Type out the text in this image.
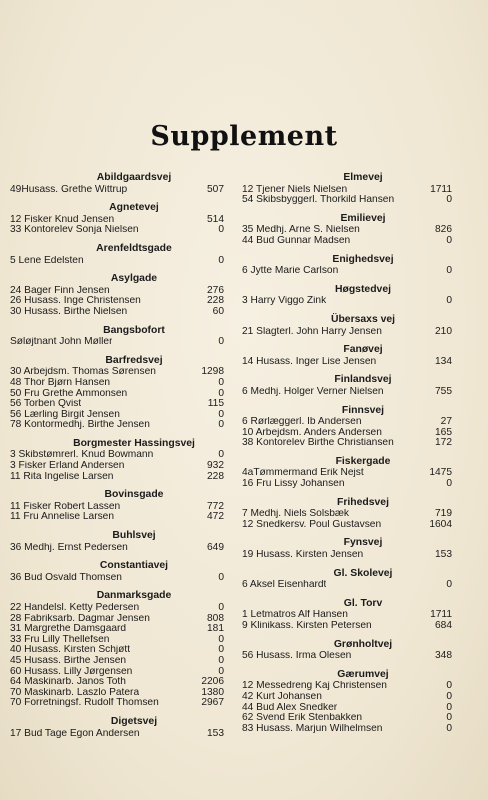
Supplement
Abildgaardsvej
49Husass. Grethe Wittrup	507
Agnetevej
12 Fisker Knud Jensen	514
33 Kontorelev Sonja Nielsen	0
Arenfeldtsgade
5 Lene Edelsten	0
Asylgade
24 Bager Finn Jensen	276
26 Husass. Inge Christensen	228
30 Husass. Birthe Nielsen	60
Bangsbofort
Søløjtnant John Møller	0
Barfredsvej
30 Arbejdsm. Thomas Sørensen	1298
48 Thor Bjørn Hansen	0
50 Fru Grethe Ammonsen	0
56 Torben Qvist	115
56 Lærling Birgit Jensen	0
78 Kontormedhj. Birthe Jensen	0
Borgmester Hassingsvej
3 Skibstømrerl. Knud Bowmann	0
3 Fisker Erland Andersen	932
11 Rita Ingelise Larsen	228
Bovinsgade
11 Fisker Robert Lassen	772
11 Fru Annelise Larsen	472
Buhlsvej
36 Medhj. Ernst Pedersen	649
Constantiavej
36 Bud Osvald Thomsen	0
Danmarksgade
22 Handelsl. Ketty Pedersen	0
28 Fabriksarb. Dagmar Jensen	808
31 Margrethe Damsgaard	181
33 Fru Lilly Thellefsen	0
40 Husass. Kirsten Schjøtt	0
45 Husass. Birthe Jensen	0
60 Husass. Lilly Jørgensen	0
64 Maskinarb. Janos Toth	2206
70 Maskinarb. Laszlo Patera	1380
70 Forretningsf. Rudolf Thomsen	2967
Digetsvej
17 Bud Tage Egon Andersen	153
Elmevej
12 Tjener Niels Nielsen	1711
54 Skibsbyggerl. Thorkild Hansen	0
Emilievej
35 Medhj. Arne S. Nielsen	826
44 Bud Gunnar Madsen	0
Enighedsvej
6 Jytte Marie Carlson	0
Høgstedvej
3 Harry Viggo Zink	0
Übersaxs vej
21 Slagterl. John Harry Jensen	210
Fanøvej
14 Husass. Inger Lise Jensen	134
Finlandsvej
6 Medhj. Holger Verner Nielsen	755
Finnsvej
6 Rørlæggerl. Ib Andersen	27
10 Arbejdsm. Anders Andersen	165
38 Kontorelev Birthe Christiansen	172
Fiskergade
4aTømmermand Erik Nejst	1475
16 Fru Lissy Johansen	0
Frihedsvej
7 Medhj. Niels Solsbæk	719
12 Snedkersv. Poul Gustavsen	1604
Fynsvej
19 Husass. Kirsten Jensen	153
Gl. Skolevej
6 Aksel Eisenhardt	0
Gl. Torv
1 Letmatros Alf Hansen	1711
9 Klinikass. Kirsten Petersen	684
Grønholtvej
56 Husass. Irma Olesen	348
Gærumvej
12 Messedreng Kaj Christensen	0
42 Kurt Johansen	0
44 Bud Alex Snedker	0
62 Svend Erik Stenbakken	0
83 Husass. Marjun Wilhelmsen	0
